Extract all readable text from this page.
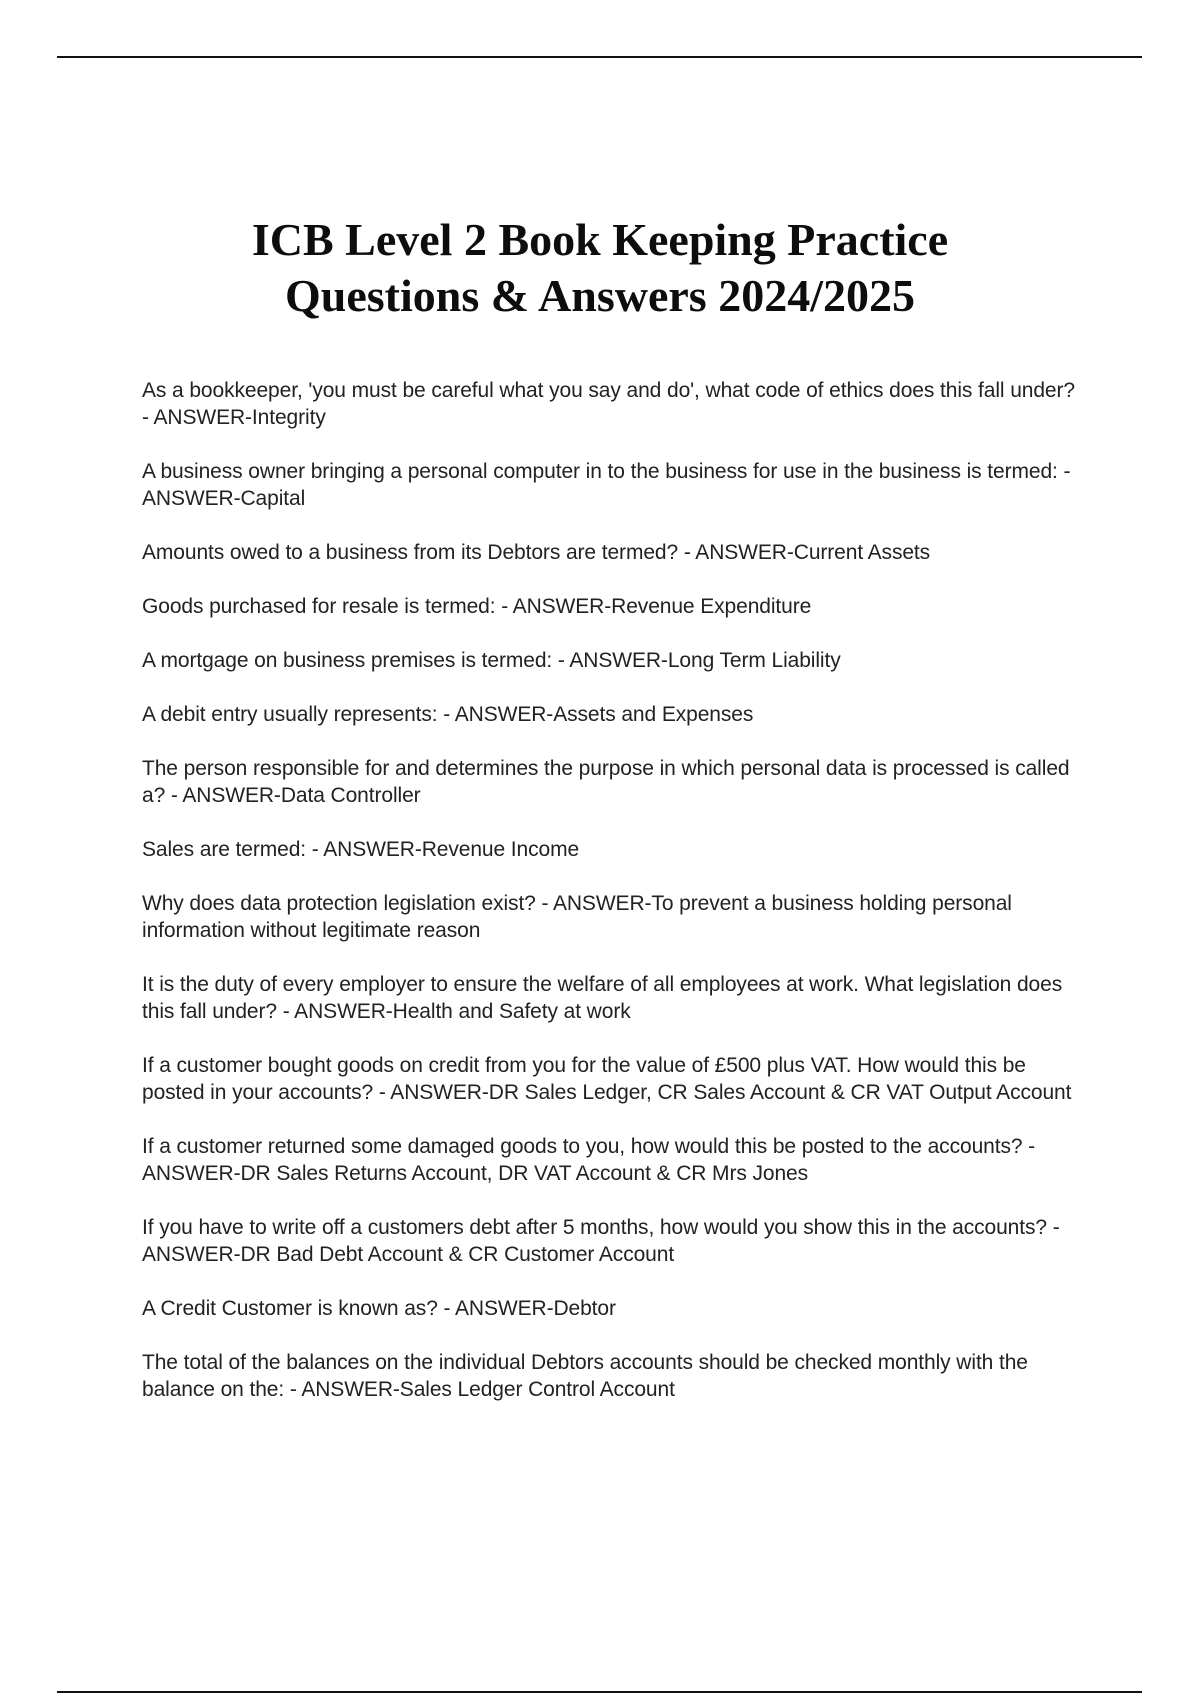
ICB Level 2 Book Keeping Practice
Questions & Answers 2024/2025
As a bookkeeper, 'you must be careful what you say and do', what code of ethics does this fall under? - ANSWER-Integrity
A business owner bringing a personal computer in to the business for use in the business is termed: - ANSWER-Capital
Amounts owed to a business from its Debtors are termed? - ANSWER-Current Assets
Goods purchased for resale is termed: - ANSWER-Revenue Expenditure
A mortgage on business premises is termed: - ANSWER-Long Term Liability
A debit entry usually represents: - ANSWER-Assets and Expenses
The person responsible for and determines the purpose in which personal data is processed is called a? - ANSWER-Data Controller
Sales are termed: - ANSWER-Revenue Income
Why does data protection legislation exist? - ANSWER-To prevent a business holding personal information without legitimate reason
It is the duty of every employer to ensure the welfare of all employees at work. What legislation does this fall under? - ANSWER-Health and Safety at work
If a customer bought goods on credit from you for the value of £500 plus VAT. How would this be posted in your accounts? - ANSWER-DR Sales Ledger, CR Sales Account & CR VAT Output Account
If a customer returned some damaged goods to you, how would this be posted to the accounts? - ANSWER-DR Sales Returns Account, DR VAT Account & CR Mrs Jones
If you have to write off a customers debt after 5 months, how would you show this in the accounts? - ANSWER-DR Bad Debt Account & CR Customer Account
A Credit Customer is known as? - ANSWER-Debtor
The total of the balances on the individual Debtors accounts should be checked monthly with the balance on the: - ANSWER-Sales Ledger Control Account
